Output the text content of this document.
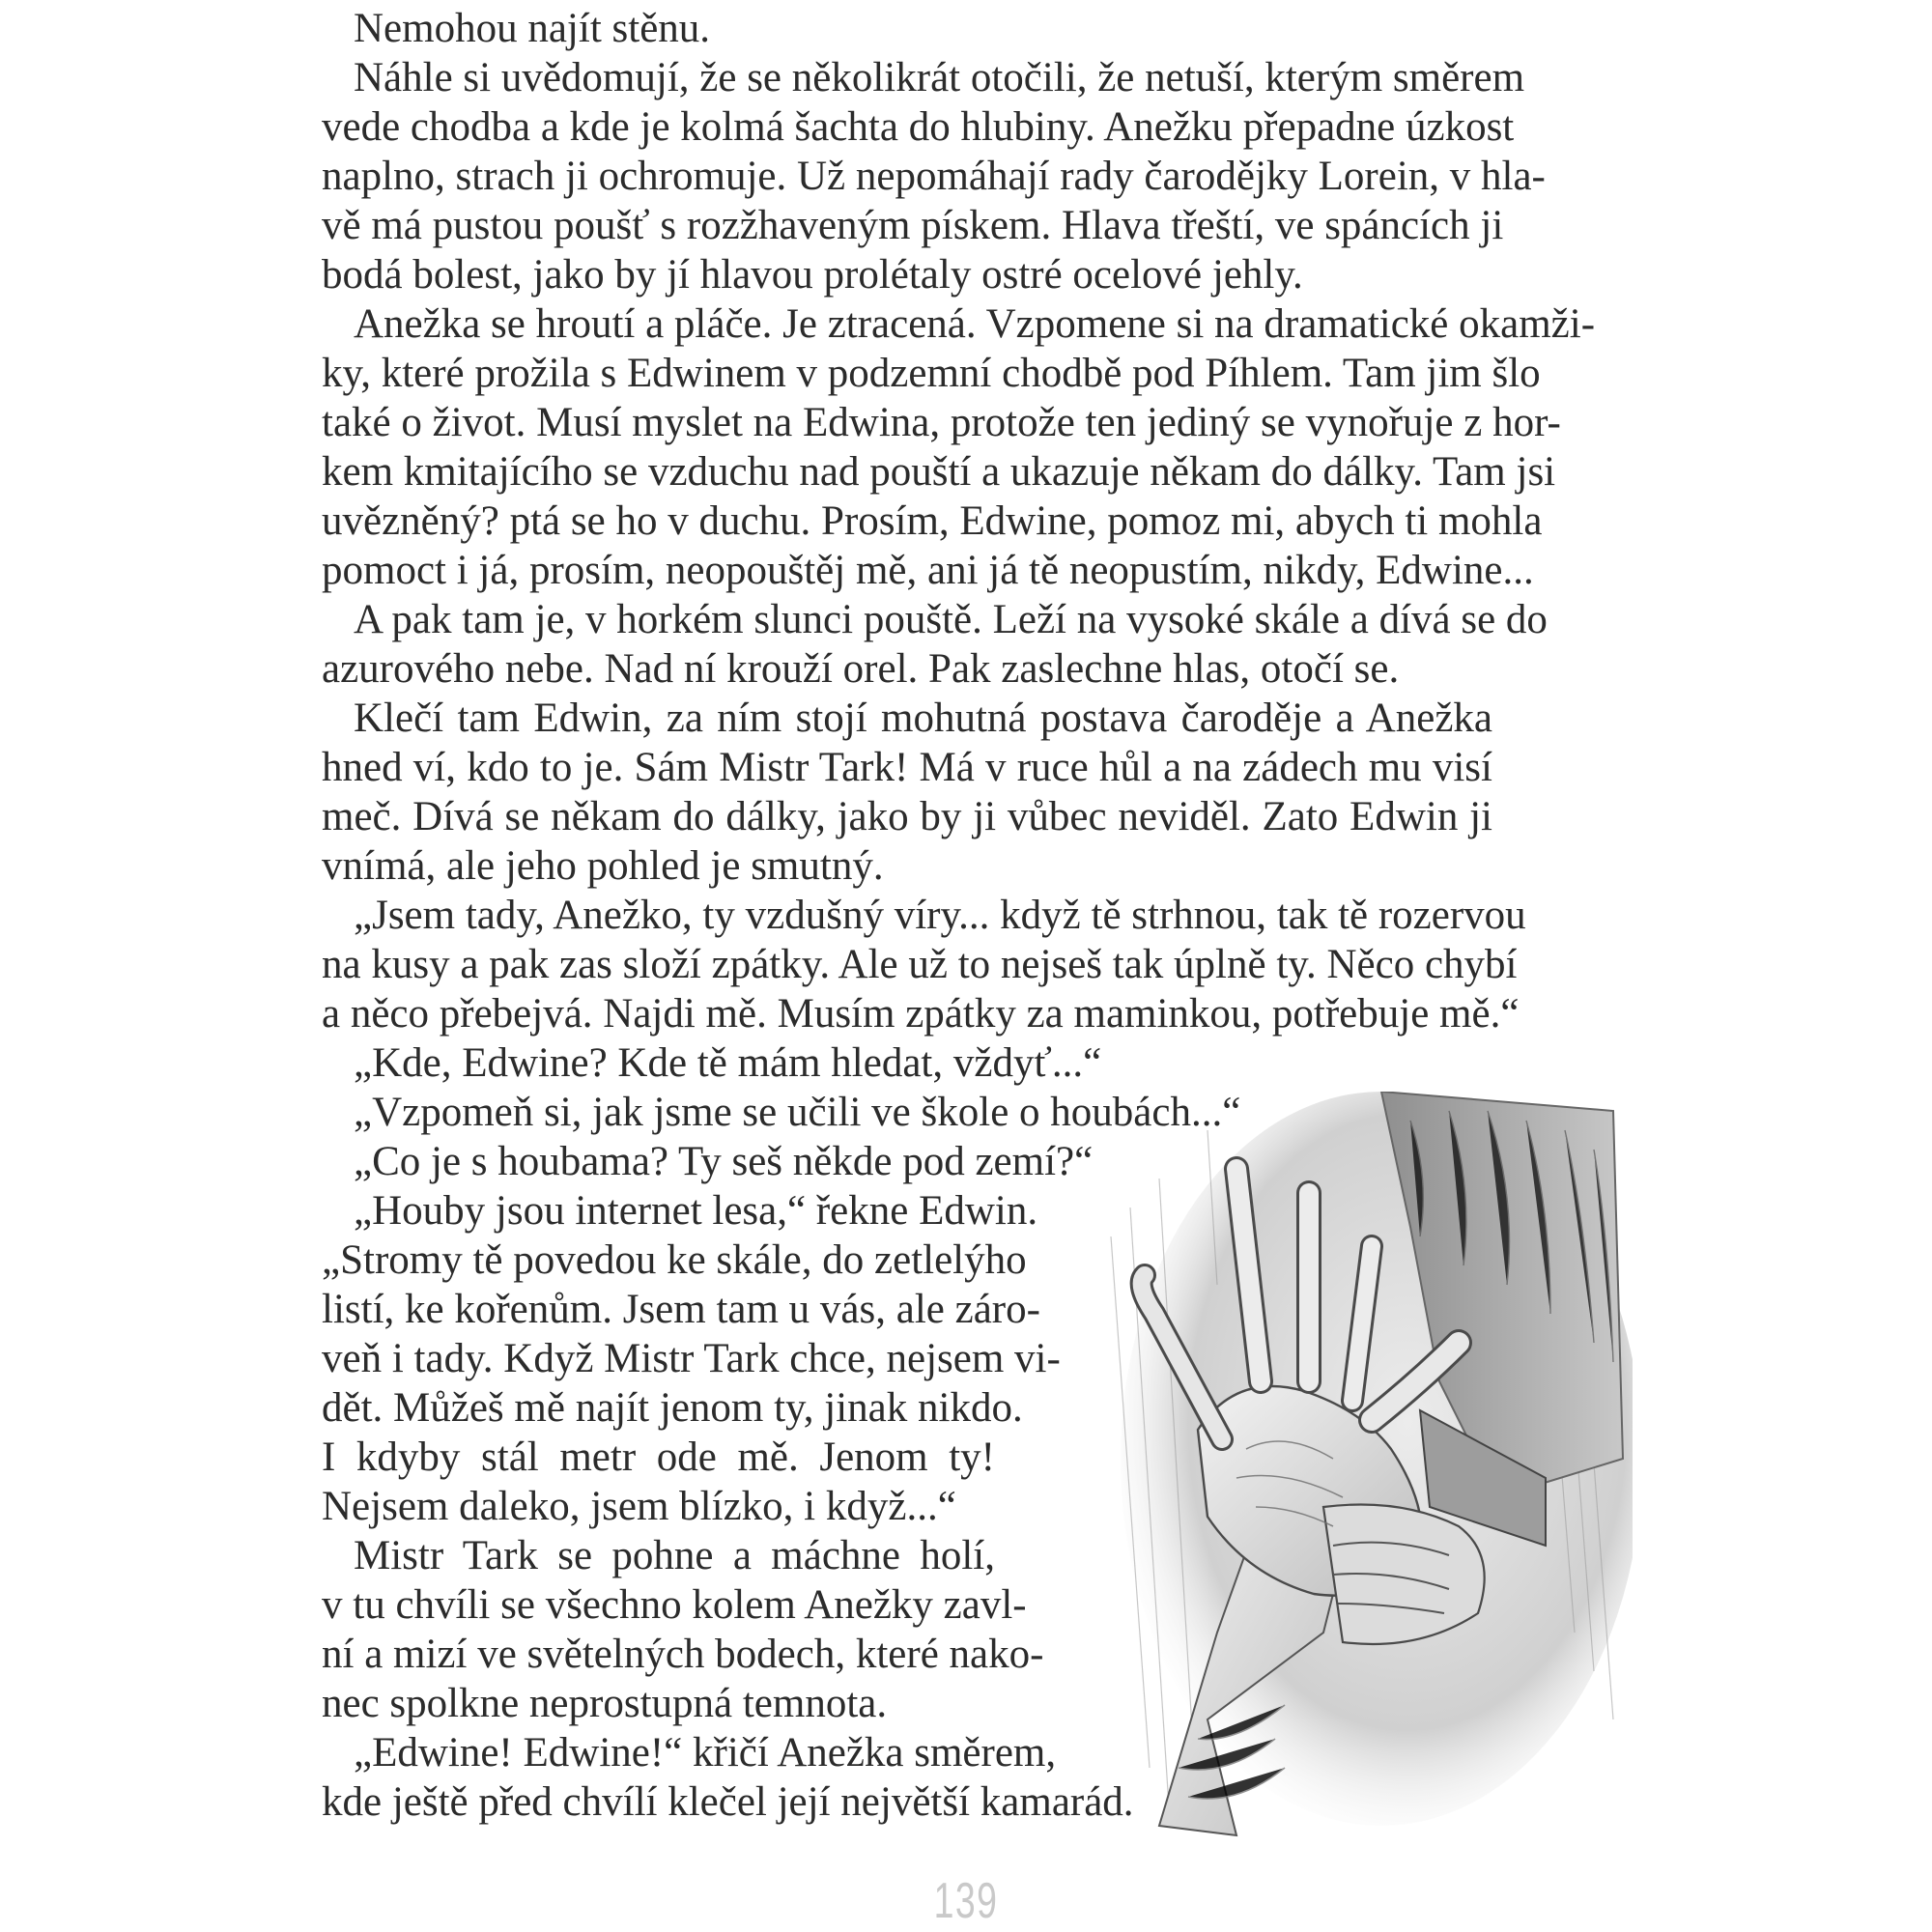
Nemohou najít stěnu.
Náhle si uvědomují, že se několikrát otočili, že netuší, kterým směrem
vede chodba a kde je kolmá šachta do hlubiny. Anežku přepadne úzkost
naplno, strach ji ochromuje. Už nepomáhají rady čarodějky Lorein, v hla-
vě má pustou poušť s rozžhaveným pískem. Hlava třeští, ve spáncích ji
bodá bolest, jako by jí hlavou prolétaly ostré ocelové jehly.
Anežka se hroutí a pláče. Je ztracená. Vzpomene si na dramatické okamži-
ky, které prožila s Edwinem v podzemní chodbě pod Píhlem. Tam jim šlo
také o život. Musí myslet na Edwina, protože ten jediný se vynořuje z hor-
kem kmitajícího se vzduchu nad pouští a ukazuje někam do dálky. Tam jsi
uvězněný? ptá se ho v duchu. Prosím, Edwine, pomoz mi, abych ti mohla
pomoct i já, prosím, neopouštěj mě, ani já tě neopustím, nikdy, Edwine...
A pak tam je, v horkém slunci pouště. Leží na vysoké skále a dívá se do
azurového nebe. Nad ní krouží orel. Pak zaslechne hlas, otočí se.
Klečí tam Edwin, za ním stojí mohutná postava čaroděje a Anežka
hned ví, kdo to je. Sám Mistr Tark! Má v ruce hůl a na zádech mu visí
meč. Dívá se někam do dálky, jako by ji vůbec neviděl. Zato Edwin ji
vnímá, ale jeho pohled je smutný.
„Jsem tady, Anežko, ty vzdušný víry... když tě strhnou, tak tě rozervou
na kusy a pak zas složí zpátky. Ale už to nejseš tak úplně ty. Něco chybí
a něco přebejvá. Najdi mě. Musím zpátky za maminkou, potřebuje mě.“
„Kde, Edwine? Kde tě mám hledat, vždyť...“
„Vzpomeň si, jak jsme se učili ve škole o houbách...“
„Co je s houbama? Ty seš někde pod zemí?“
„Houby jsou internet lesa,“ řekne Edwin.
„Stromy tě povedou ke skále, do zetlelýho
listí, ke kořenům. Jsem tam u vás, ale záro-
veň i tady. Když Mistr Tark chce, nejsem vi-
dět. Můžeš mě najít jenom ty, jinak nikdo.
I kdyby stál metr ode mě. Jenom ty!
Nejsem daleko, jsem blízko, i když...“
Mistr Tark se pohne a máchne holí,
v tu chvíli se všechno kolem Anežky zavl-
ní a mizí ve světelných bodech, které nako-
nec spolkne neprostupná temnota.
„Edwine! Edwine!“ křičí Anežka směrem,
kde ještě před chvílí klečel její největší kamarád.
139
